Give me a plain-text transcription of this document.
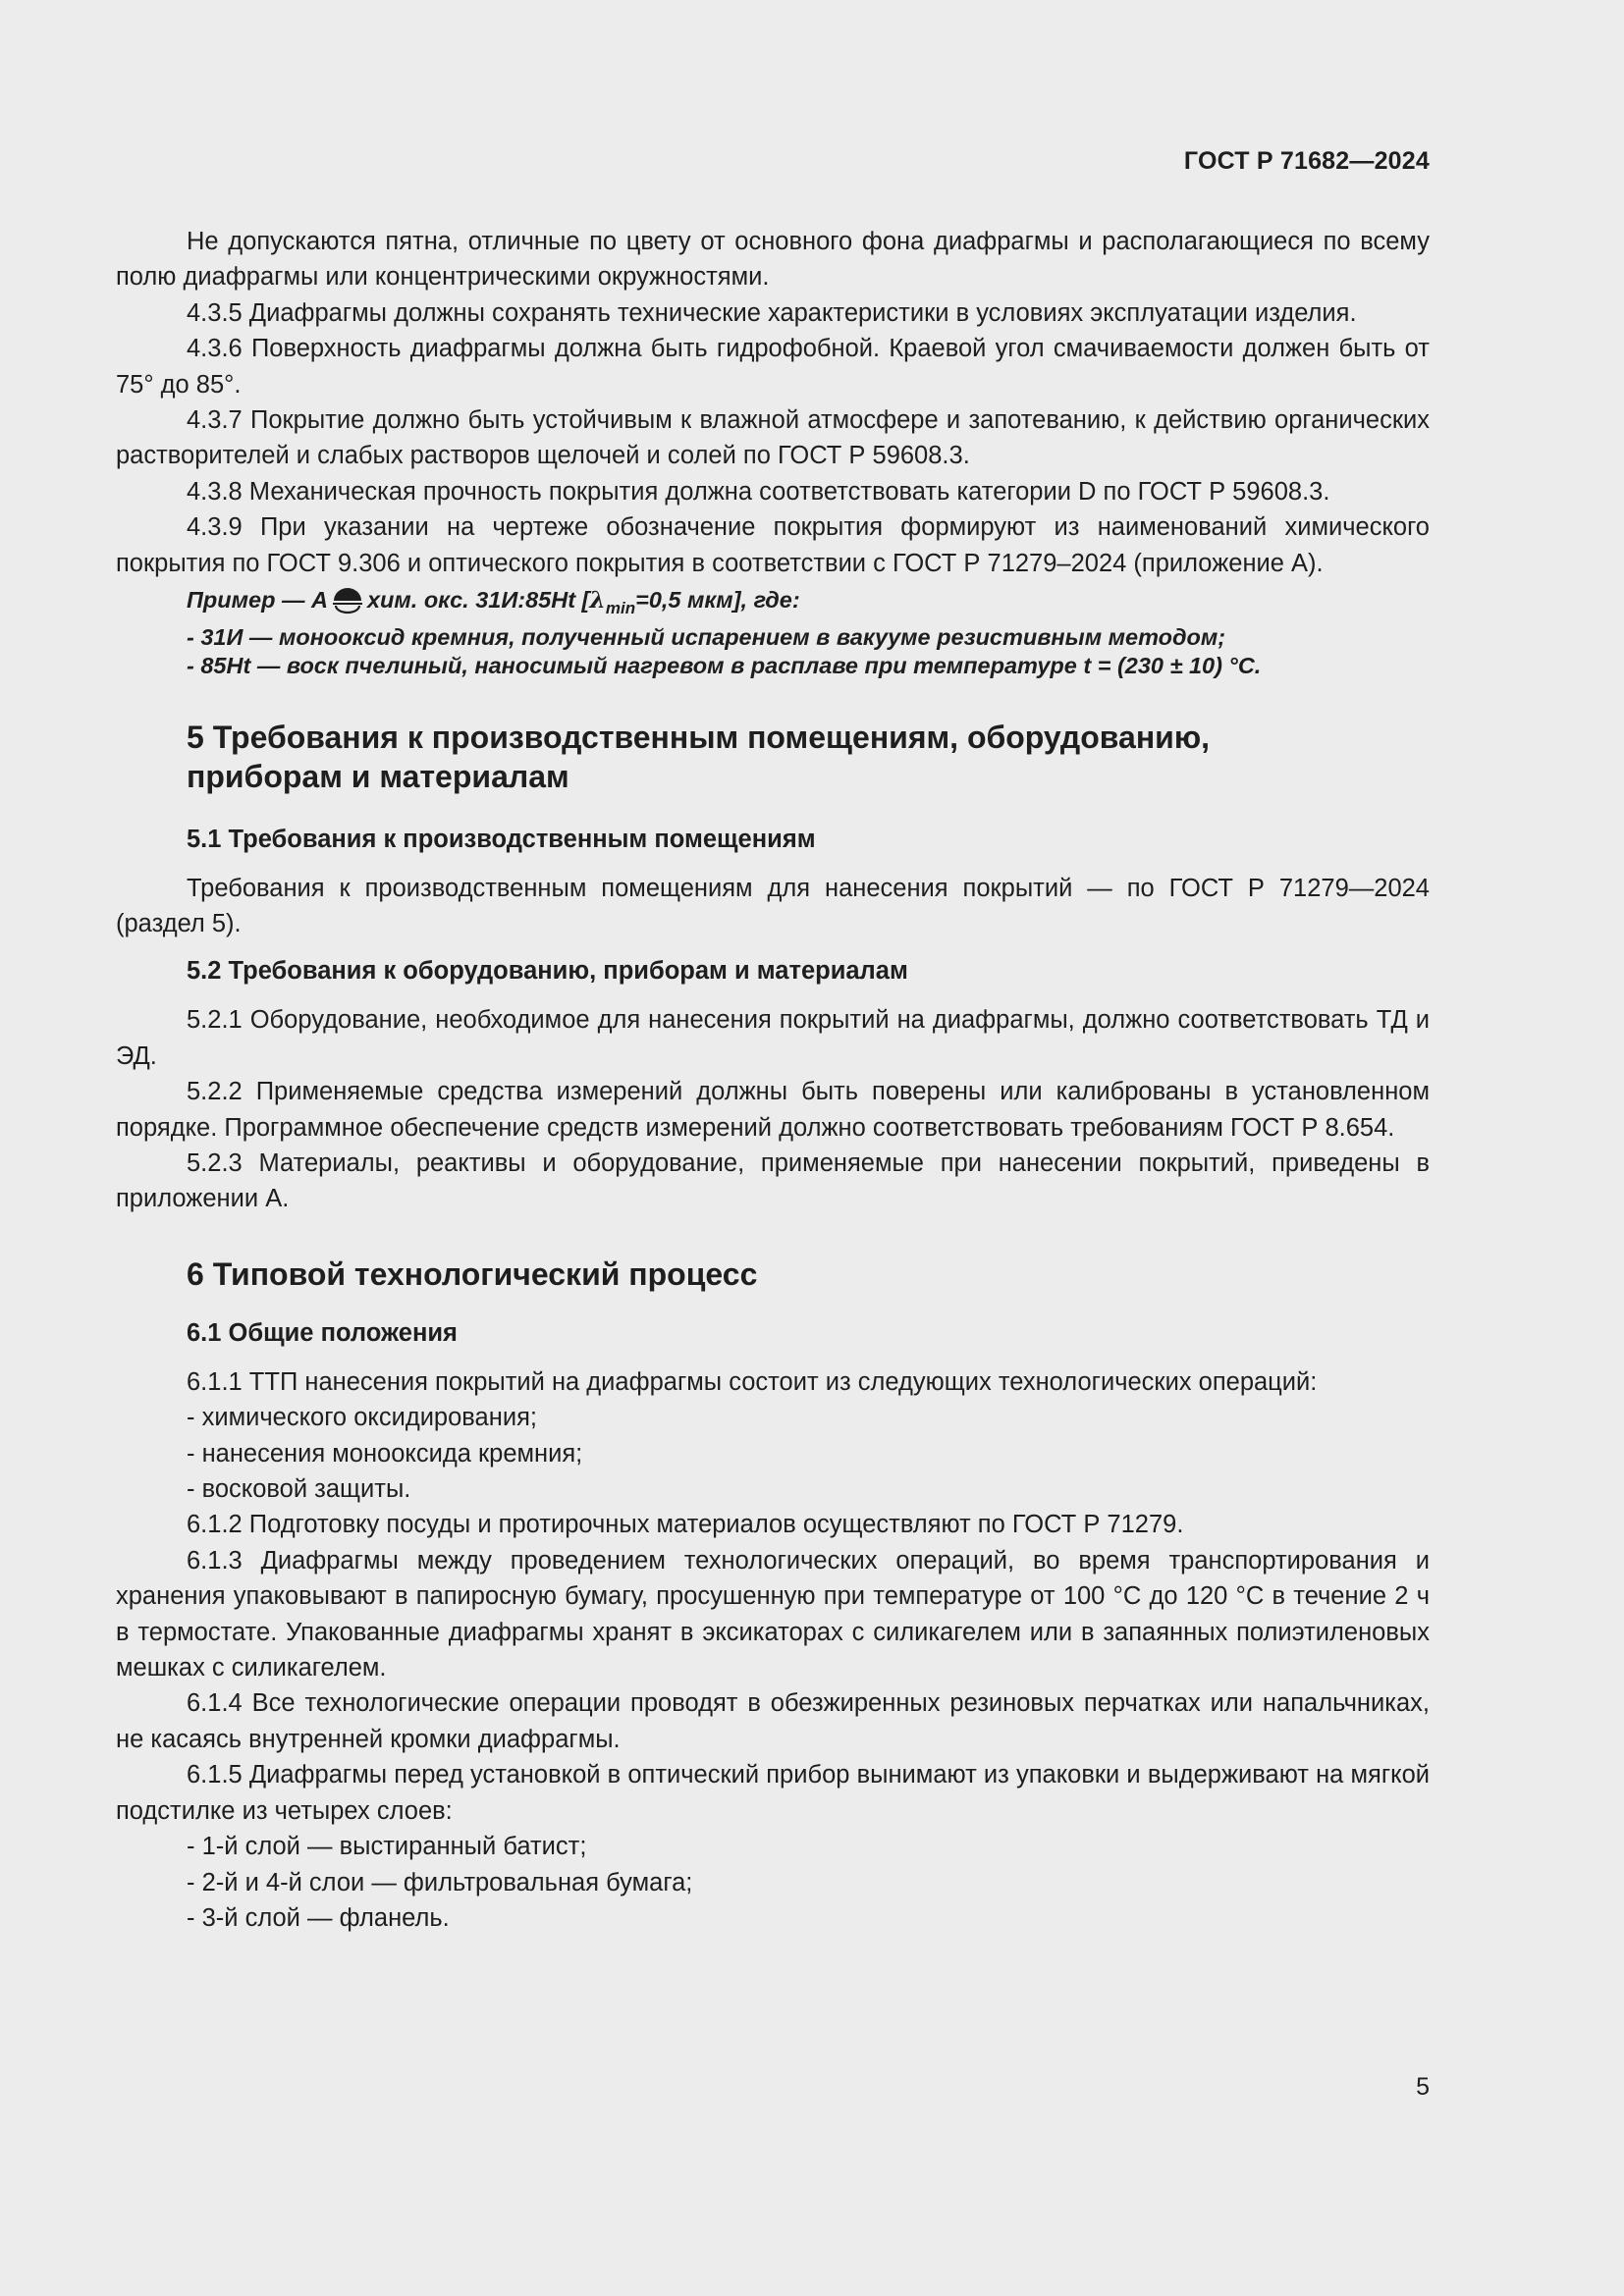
ГОСТ Р 71682—2024

Не допускаются пятна, отличные по цвету от основного фона диафрагмы и располагающиеся по всему полю диафрагмы или концентрическими окружностями.

4.3.5 Диафрагмы должны сохранять технические характеристики в условиях эксплуатации изделия.

4.3.6 Поверхность диафрагмы должна быть гидрофобной. Краевой угол смачиваемости должен быть от 75° до 85°.

4.3.7 Покрытие должно быть устойчивым к влажной атмосфере и запотеванию, к действию органических растворителей и слабых растворов щелочей и солей по ГОСТ Р 59608.3.

4.3.8 Механическая прочность покрытия должна соответствовать категории D по ГОСТ Р 59608.3.

4.3.9 При указании на чертеже обозначение покрытия формируют из наименований химического покрытия по ГОСТ 9.306 и оптического покрытия в соответствии с ГОСТ Р 71279–2024 (приложение А).

Пример — А хим. окс. 31И:85Ht [$\lambda_{min}=0,5$ мкм], где:

- 31И — монооксид кремния, полученный испарением в вакууме резистивным методом;

- 85Ht — воск пчелиный, наносимый нагревом в расплаве при температуре t = (230 ± 10) °С.

5 Требования к производственным помещениям, оборудованию,
приборам и материалам
5.1 Требования к производственным помещениям

Требования к производственным помещениям для нанесения покрытий — по ГОСТ Р 71279—2024 (раздел 5).

5.2 Требования к оборудованию, приборам и материалам

5.2.1 Оборудование, необходимое для нанесения покрытий на диафрагмы, должно соответствовать ТД и ЭД.

5.2.2 Применяемые средства измерений должны быть поверены или калиброваны в установленном порядке. Программное обеспечение средств измерений должно соответствовать требованиям ГОСТ Р 8.654.

5.2.3 Материалы, реактивы и оборудование, применяемые при нанесении покрытий, приведены в приложении А.

6 Типовой технологический процесс
6.1 Общие положения

6.1.1 ТТП нанесения покрытий на диафрагмы состоит из следующих технологических операций:

- химического оксидирования;

- нанесения монооксида кремния;

- восковой защиты.

6.1.2 Подготовку посуды и протирочных материалов осуществляют по ГОСТ Р 71279.

6.1.3 Диафрагмы между проведением технологических операций, во время транспортирования и хранения упаковывают в папиросную бумагу, просушенную при температуре от 100 °С до 120 °С в течение 2 ч в термостате. Упакованные диафрагмы хранят в эксикаторах с силикагелем или в запаянных полиэтиленовых мешках с силикагелем.

6.1.4 Все технологические операции проводят в обезжиренных резиновых перчатках или напальчниках, не касаясь внутренней кромки диафрагмы.

6.1.5 Диафрагмы перед установкой в оптический прибор вынимают из упаковки и выдерживают на мягкой подстилке из четырех слоев:

- 1-й слой — выстиранный батист;

- 2-й и 4-й слои — фильтровальная бумага;

- 3-й слой — фланель.

5
